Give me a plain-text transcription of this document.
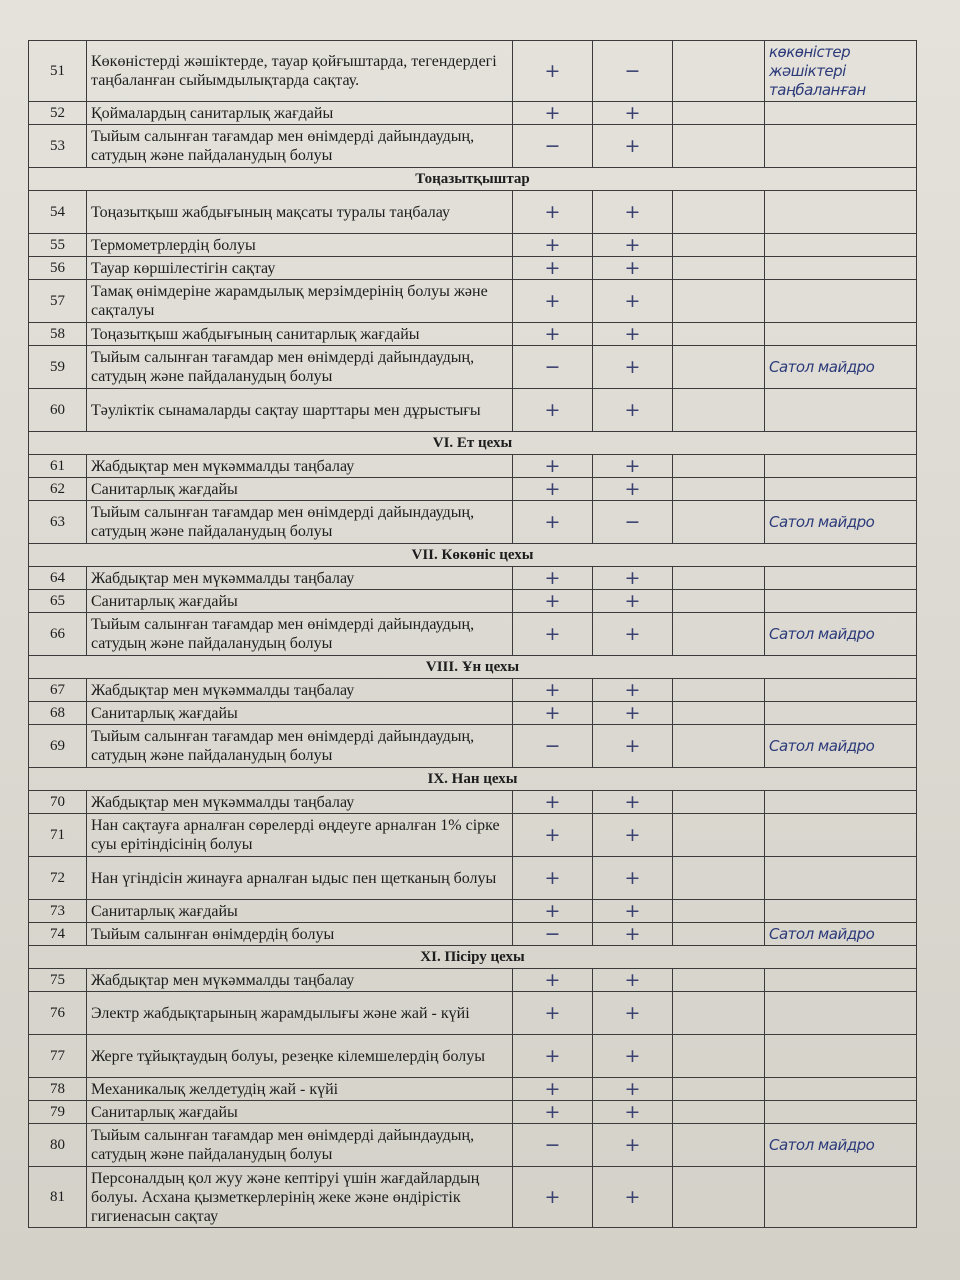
51	Көкөністерді жәшіктерде, тауар қойғыштарда, тегендердегі таңбаланған сыйымдылықтарда сақтау.	+	−		көкөністер жәшіктері таңбаланған
52	Қоймалардың санитарлық жағдайы	+	+		
53	Тыйым салынған тағамдар мен өнімдерді дайындаудың, сатудың және пайдаланудың болуы	−	+		
Тоңазытқыштар					
54	Тоңазытқыш жабдығының мақсаты туралы таңбалау	+	+		
55	Термометрлердің болуы	+	+		
56	Тауар көршілестігін сақтау	+	+		
57	Тамақ өнімдеріне жарамдылық мерзімдерінің болуы және сақталуы	+	+		
58	Тоңазытқыш жабдығының санитарлық жағдайы	+	+		
59	Тыйым салынған тағамдар мен өнімдерді дайындаудың, сатудың және пайдаланудың болуы	−	+		Сатол майдро
60	Тәуліктік сынамаларды сақтау шарттары мен дұрыстығы	+	+		
VI. Ет цехы					
61	Жабдықтар мен мүкәммалды таңбалау	+	+		
62	Санитарлық жағдайы	+	+		
63	Тыйым салынған тағамдар мен өнімдерді дайындаудың, сатудың және пайдаланудың болуы	+	−		Сатол майдро
VII. Көкөніс цехы					
64	Жабдықтар мен мүкәммалды таңбалау	+	+		
65	Санитарлық жағдайы	+	+		
66	Тыйым салынған тағамдар мен өнімдерді дайындаудың, сатудың және пайдаланудың болуы	+	+		Сатол майдро
VIII. Ұн цехы					
67	Жабдықтар мен мүкәммалды таңбалау	+	+		
68	Санитарлық жағдайы	+	+		
69	Тыйым салынған тағамдар мен өнімдерді дайындаудың, сатудың және пайдаланудың болуы	−	+		Сатол майдро
IX. Нан цехы					
70	Жабдықтар мен мүкәммалды таңбалау	+	+		
71	Нан сақтауға арналған сөрелерді өңдеуге арналған 1% сірке суы ерітіндісінің болуы	+	+		
72	Нан үгіндісін жинауға арналған ыдыс пен щетканың болуы	+	+		
73	Санитарлық жағдайы	+	+		
74	Тыйым салынған өнімдердің болуы	−	+		Сатол майдро
XI. Пісіру цехы					
75	Жабдықтар мен мүкәммалды таңбалау	+	+		
76	Электр жабдықтарының жарамдылығы және жай - күйі	+	+		
77	Жерге тұйықтаудың болуы, резеңке кілемшелердің болуы	+	+		
78	Механикалық желдетудің жай - күйі	+	+		
79	Санитарлық жағдайы	+	+		
80	Тыйым салынған тағамдар мен өнімдерді дайындаудың, сатудың және пайдаланудың болуы	−	+		Сатол майдро
81	Персоналдың қол жуу және кептіруі үшін жағдайлардың болуы. Асхана қызметкерлерінің жеке және өндірістік гигиенасын сақтау	+	+		
